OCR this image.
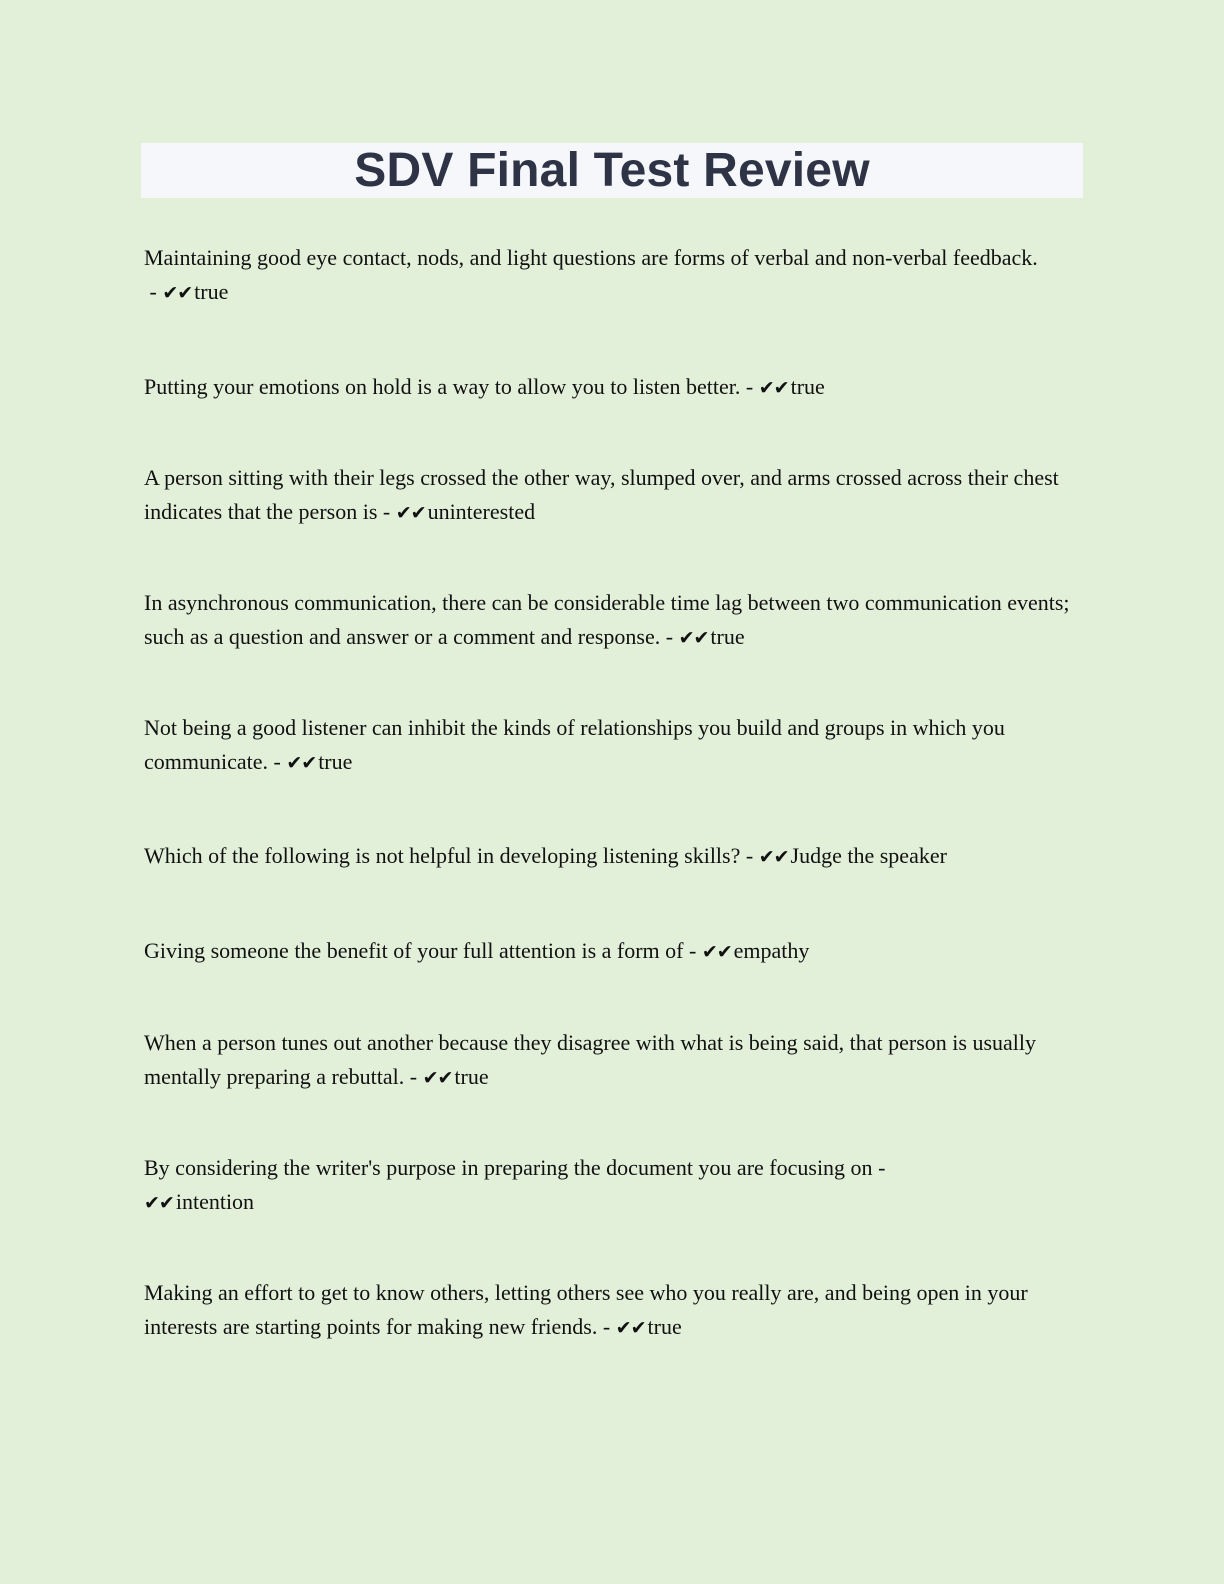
SDV Final Test Review

Maintaining good eye contact, nods, and light questions are forms of verbal and non-verbal feedback. - ✔✔true

Putting your emotions on hold is a way to allow you to listen better. - ✔✔true

A person sitting with their legs crossed the other way, slumped over, and arms crossed across their chest indicates that the person is - ✔✔uninterested

In asynchronous communication, there can be considerable time lag between two communication events; such as a question and answer or a comment and response. - ✔✔true

Not being a good listener can inhibit the kinds of relationships you build and groups in which you communicate. - ✔✔true

Which of the following is not helpful in developing listening skills? - ✔✔Judge the speaker

Giving someone the benefit of your full attention is a form of - ✔✔empathy

When a person tunes out another because they disagree with what is being said, that person is usually mentally preparing a rebuttal. - ✔✔true

By considering the writer's purpose in preparing the document you are focusing on -
✔✔intention

Making an effort to get to know others, letting others see who you really are, and being open in your interests are starting points for making new friends. - ✔✔true
